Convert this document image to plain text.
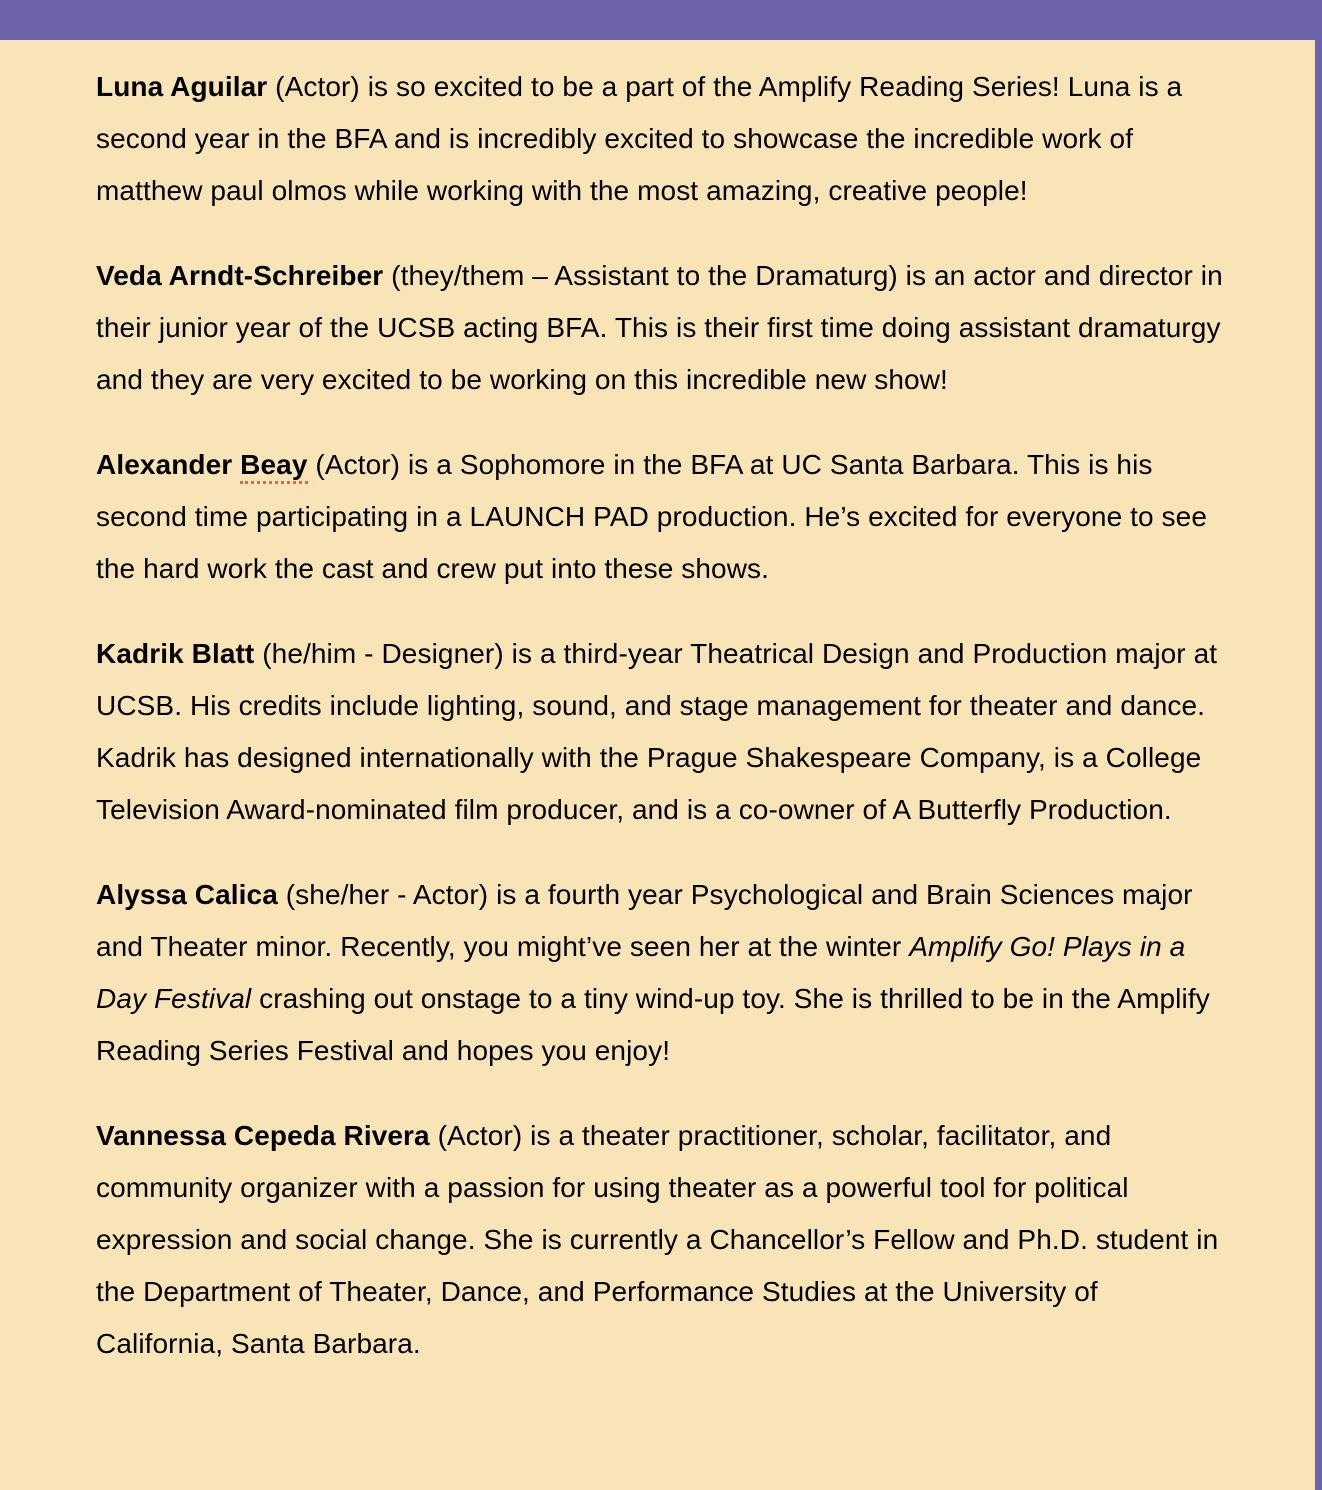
Luna Aguilar (Actor) is so excited to be a part of the Amplify Reading Series! Luna is a second year in the BFA and is incredibly excited to showcase the incredible work of matthew paul olmos while working with the most amazing, creative people!

Veda Arndt-Schreiber (they/them – Assistant to the Dramaturg) is an actor and director in their junior year of the UCSB acting BFA. This is their first time doing assistant dramaturgy and they are very excited to be working on this incredible new show!

Alexander Beay (Actor) is a Sophomore in the BFA at UC Santa Barbara. This is his second time participating in a LAUNCH PAD production. He’s excited for everyone to see the hard work the cast and crew put into these shows.

Kadrik Blatt (he/him - Designer) is a third-year Theatrical Design and Production major at UCSB. His credits include lighting, sound, and stage management for theater and dance. Kadrik has designed internationally with the Prague Shakespeare Company, is a College Television Award-nominated film producer, and is a co-owner of A Butterfly Production.

Alyssa Calica (she/her - Actor) is a fourth year Psychological and Brain Sciences major and Theater minor. Recently, you might’ve seen her at the winter Amplify Go! Plays in a Day Festival crashing out onstage to a tiny wind-up toy. She is thrilled to be in the Amplify Reading Series Festival and hopes you enjoy!

Vannessa Cepeda Rivera (Actor) is a theater practitioner, scholar, facilitator, and community organizer with a passion for using theater as a powerful tool for political expression and social change. She is currently a Chancellor’s Fellow and Ph.D. student in the Department of Theater, Dance, and Performance Studies at the University of California, Santa Barbara.
